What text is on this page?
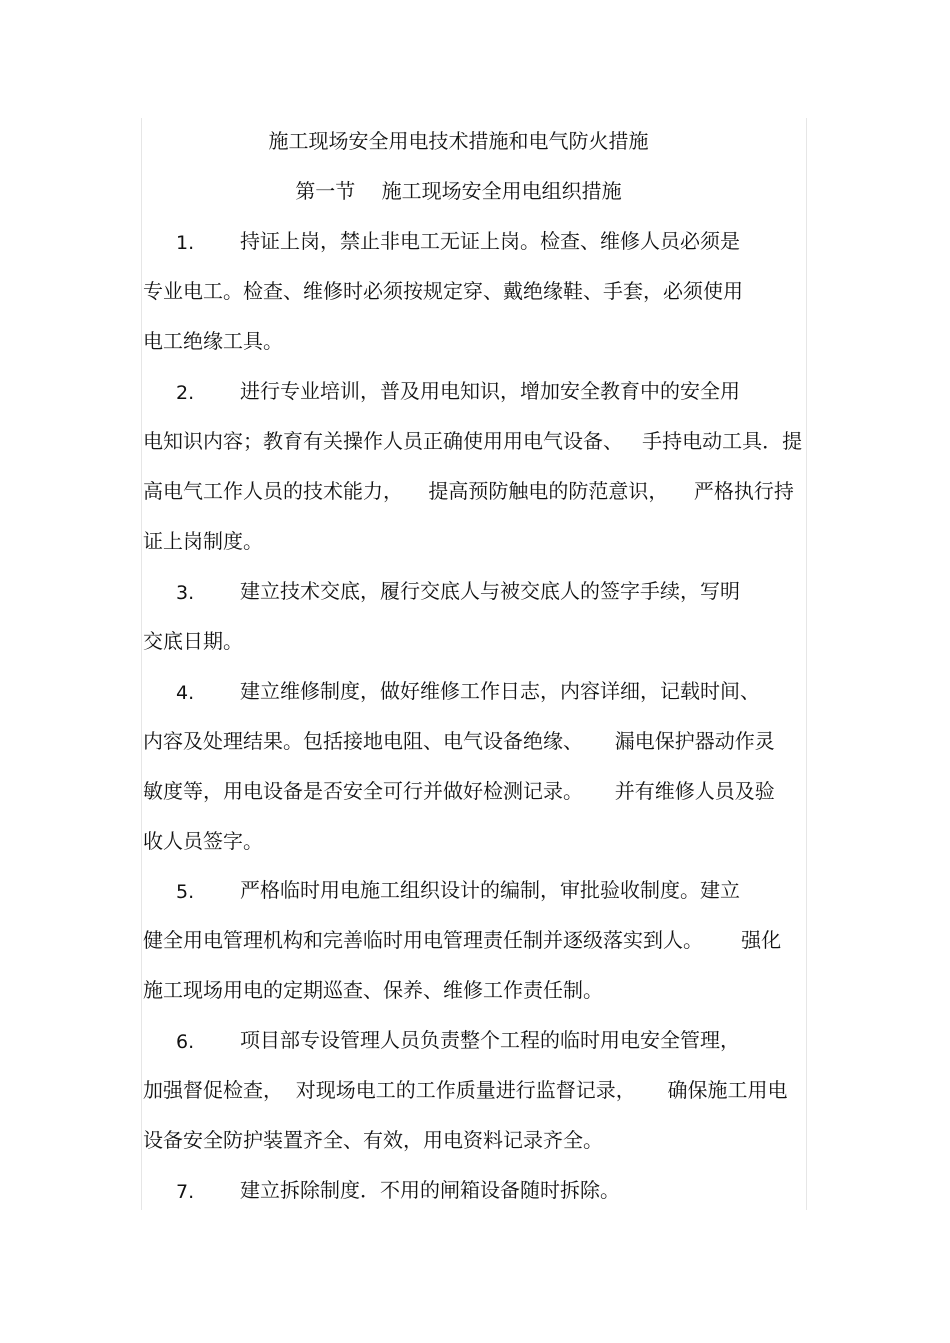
施工现场安全用电技术措施和电气防火措施
第一节　 施工现场安全用电组织措施
1. 持证上岗，禁止非电工无证上岗。检查、维修人员必须是
专业电工。检查、维修时必须按规定穿、戴绝缘鞋、手套，必须使用
电工绝缘工具。
2. 进行专业培训，普及用电知识，增加安全教育中的安全用
电知识内容；教育有关操作人员正确使用用电气设备、   手持电动工具．提
高电气工作人员的技术能力，    提高预防触电的防范意识，    严格执行持
证上岗制度。
3. 建立技术交底，履行交底人与被交底人的签字手续，写明
交底日期。
4. 建立维修制度，做好维修工作日志，内容详细，记载时间、
内容及处理结果。包括接地电阻、电气设备绝缘、     漏电保护器动作灵
敏度等，用电设备是否安全可行并做好检测记录。     并有维修人员及验
收人员签字。
5. 严格临时用电施工组织设计的编制，审批验收制度。建立
健全用电管理机构和完善临时用电管理责任制并逐级落实到人。      强化
施工现场用电的定期巡查、保养、维修工作责任制。
6. 项目部专设管理人员负责整个工程的临时用电安全管理，
加强督促检查，  对现场电工的工作质量进行监督记录，     确保施工用电
设备安全防护装置齐全、有效，用电资料记录齐全。
7. 建立拆除制度．不用的闸箱设备随时拆除。
